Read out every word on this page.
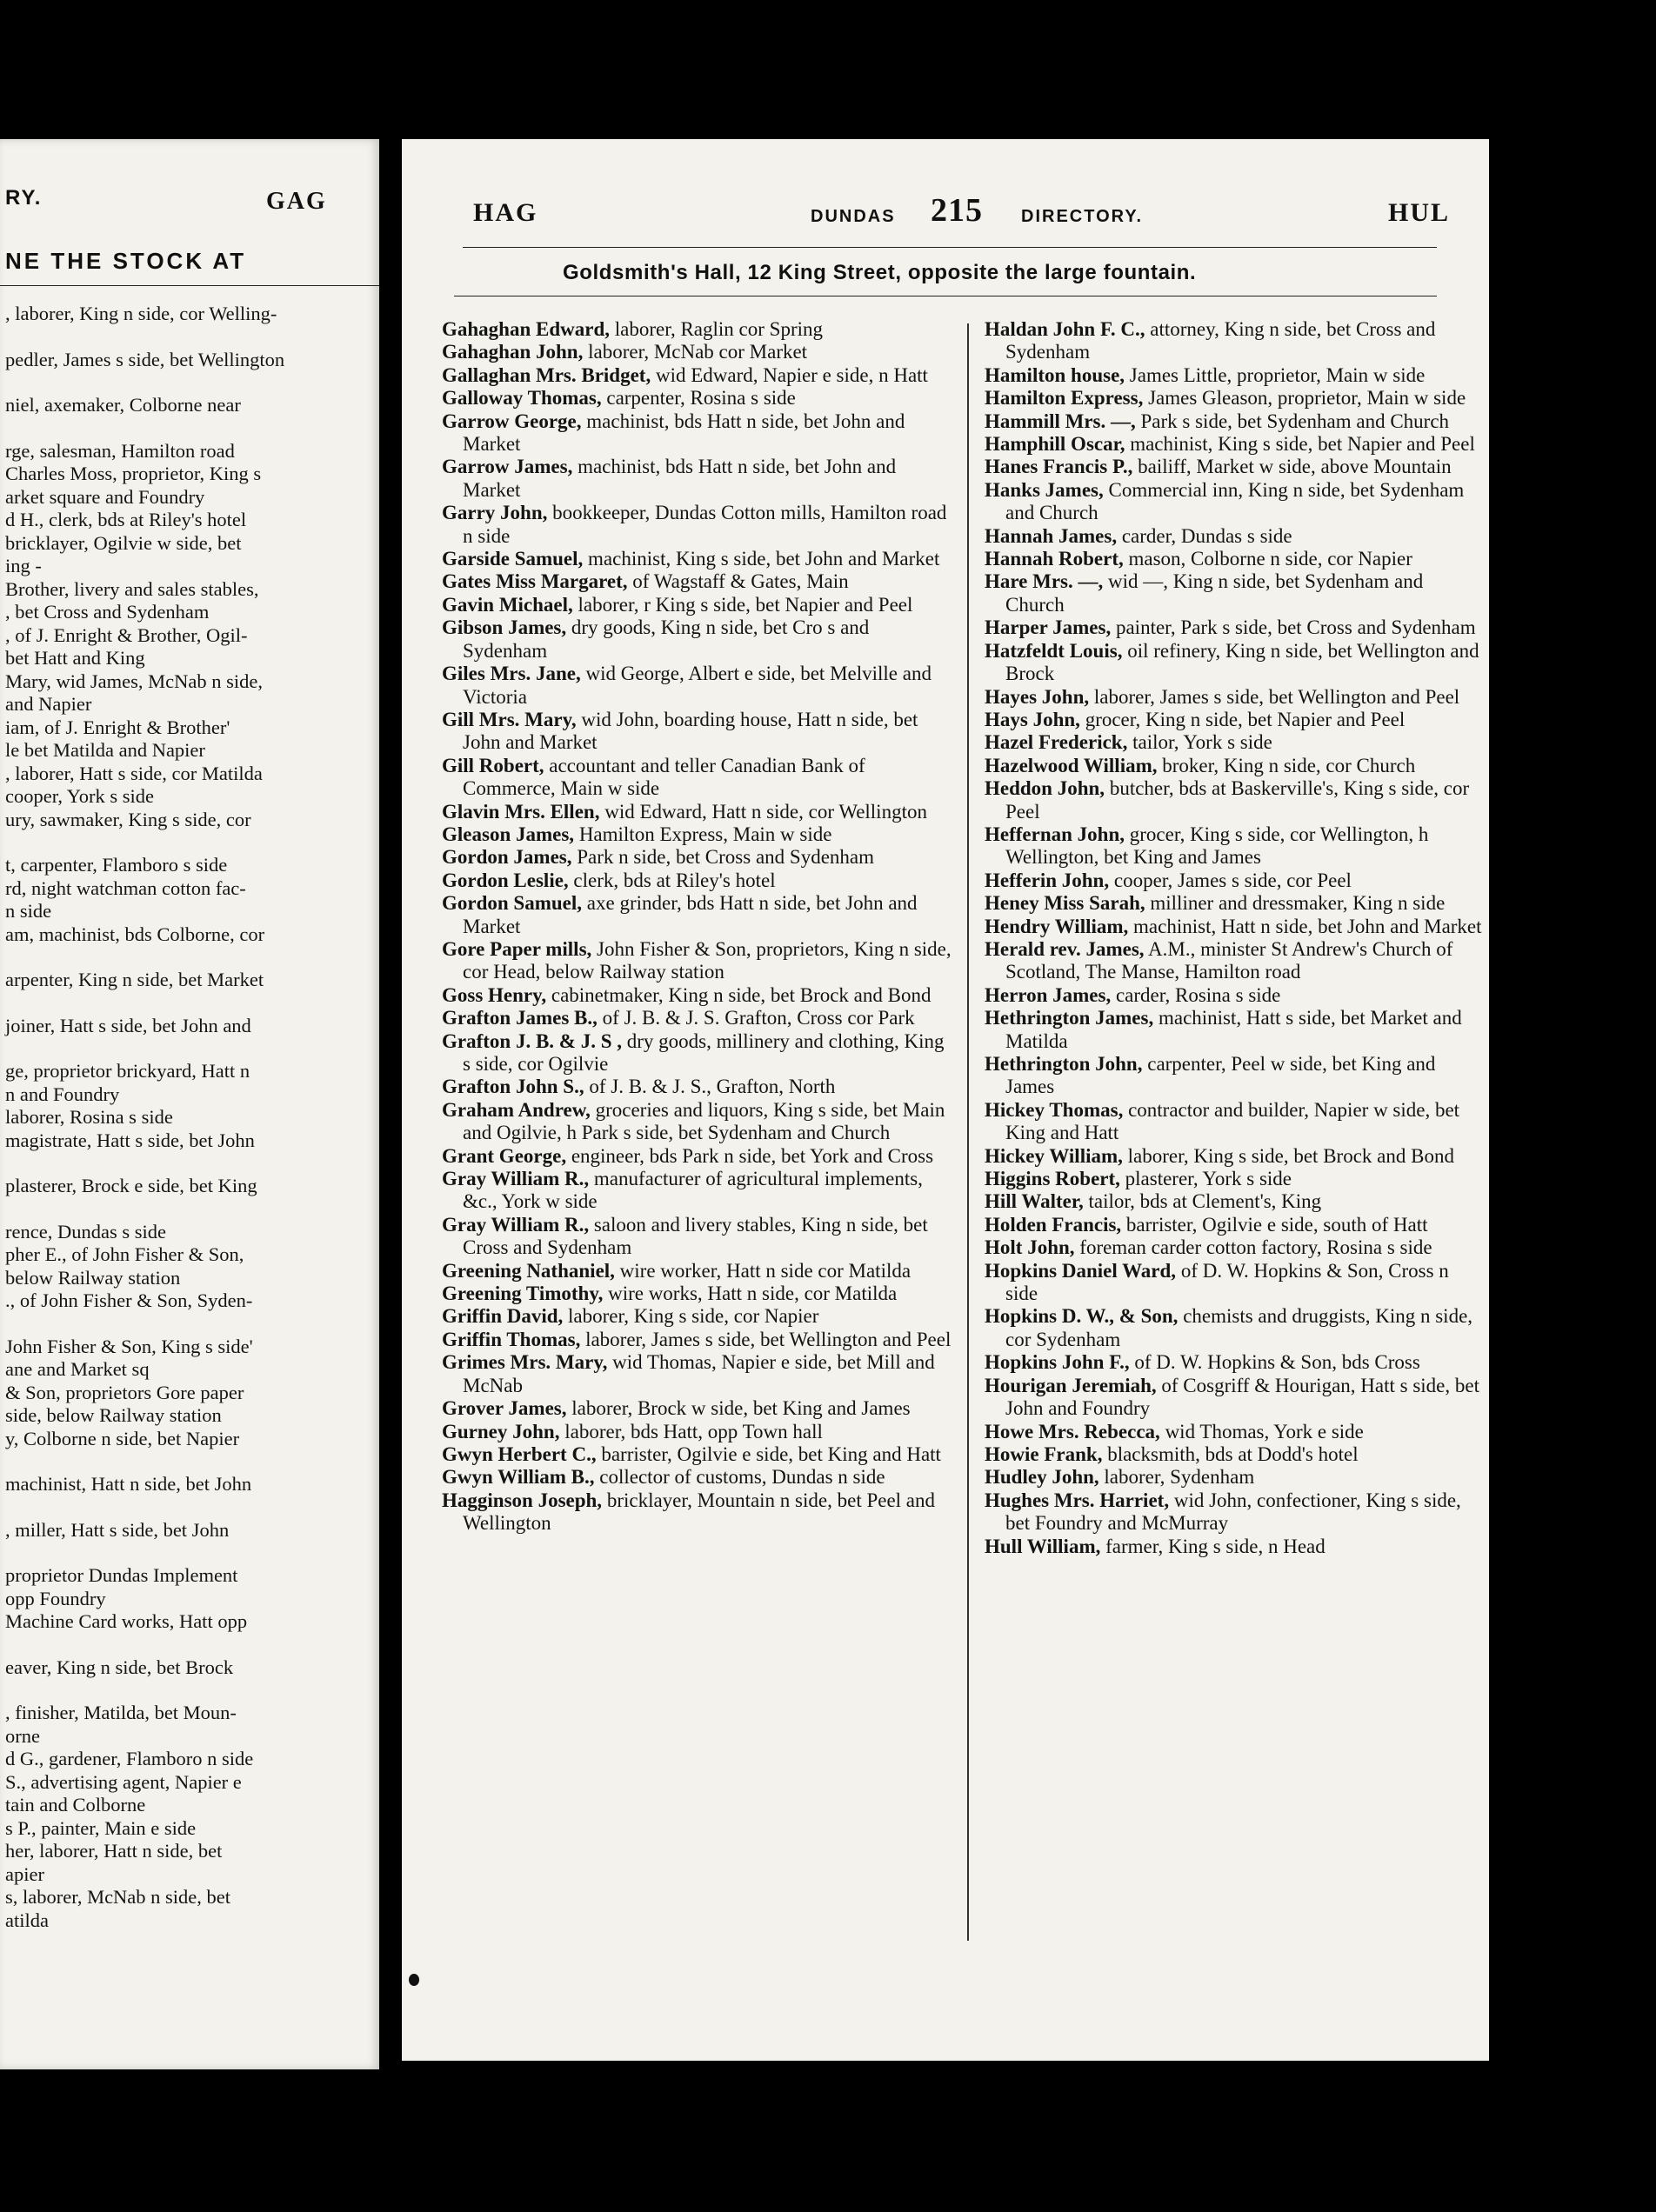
RY.	GAG
NE THE STOCK AT
, laborer, King n side, cor Welling-
pedler, James s side, bet Wellington
niel, axemaker, Colborne near
rge, salesman, Hamilton road
Charles Moss, proprietor, King s
arket square and Foundry
d H., clerk, bds at Riley's hotel
bricklayer, Ogilvie w side, bet
ing -
Brother, livery and sales stables,
, bet Cross and Sydenham
, of J. Enright & Brother, Ogil-
bet Hatt and King
Mary, wid James, McNab n side,
and Napier
iam, of J. Enright & Brother'
le bet Matilda and Napier
, laborer, Hatt s side, cor Matilda
cooper, York s side
ury, sawmaker, King s side, cor
t, carpenter, Flamboro s side
rd, night watchman cotton fac-
n side
am, machinist, bds Colborne, cor
arpenter, King n side, bet Market
joiner, Hatt s side, bet John and
ge, proprietor brickyard, Hatt n
n and Foundry
laborer, Rosina s side
magistrate, Hatt s side, bet John
plasterer, Brock e side, bet King
rence, Dundas s side
pher E., of John Fisher & Son,
below Railway station
., of John Fisher & Son, Syden-
John Fisher & Son, King s side'
ane and Market sq
& Son, proprietors Gore paper
side, below Railway station
y, Colborne n side, bet Napier
machinist, Hatt n side, bet John
, miller, Hatt s side, bet John
proprietor Dundas Implement
opp Foundry
Machine Card works, Hatt opp
eaver, King n side, bet Brock
, finisher, Matilda, bet Moun-
orne
d G., gardener, Flamboro n side
S., advertising agent, Napier e
tain and Colborne
s P., painter, Main e side
her, laborer, Hatt n side, bet
apier
s, laborer, McNab n side, bet
atilda
HAG	DUNDAS 215 DIRECTORY.	HUL
Goldsmith's Hall, 12 King Street, opposite the large fountain.
Gahaghan Edward, laborer, Raglin cor Spring
Gahaghan John, laborer, McNab cor Market
Gallaghan Mrs. Bridget, wid Edward, Napier e side, n Hatt
Galloway Thomas, carpenter, Rosina s side
Garrow George, machinist, bds Hatt n side, bet John and Market
Garrow James, machinist, bds Hatt n side, bet John and Market
Garry John, bookkeeper, Dundas Cotton mills, Hamilton road n side
Garside Samuel, machinist, King s side, bet John and Market
Gates Miss Margaret, of Wagstaff & Gates, Main
Gavin Michael, laborer, r King s side, bet Napier and Peel
Gibson James, dry goods, King n side, bet Cro s and Sydenham
Giles Mrs. Jane, wid George, Albert e side, bet Melville and Victoria
Gill Mrs. Mary, wid John, boarding house, Hatt n side, bet John and Market
Gill Robert, accountant and teller Canadian Bank of Commerce, Main w side
Glavin Mrs. Ellen, wid Edward, Hatt n side, cor Wellington
Gleason James, Hamilton Express, Main w side
Gordon James, Park n side, bet Cross and Sydenham
Gordon Leslie, clerk, bds at Riley's hotel
Gordon Samuel, axe grinder, bds Hatt n side, bet John and Market
Gore Paper mills, John Fisher & Son, proprietors, King n side, cor Head, below Railway station
Goss Henry, cabinetmaker, King n side, bet Brock and Bond
Grafton James B., of J. B. & J. S. Grafton, Cross cor Park
Grafton J. B. & J. S , dry goods, millinery and clothing, King s side, cor Ogilvie
Grafton John S., of J. B. & J. S., Grafton, North
Graham Andrew, groceries and liquors, King s side, bet Main and Ogilvie, h Park s side, bet Sydenham and Church
Grant George, engineer, bds Park n side, bet York and Cross
Gray William R., manufacturer of agricultural implements, &c., York w side
Gray William R., saloon and livery stables, King n side, bet Cross and Sydenham
Greening Nathaniel, wire worker, Hatt n side cor Matilda
Greening Timothy, wire works, Hatt n side, cor Matilda
Griffin David, laborer, King s side, cor Napier
Griffin Thomas, laborer, James s side, bet Wellington and Peel
Grimes Mrs. Mary, wid Thomas, Napier e side, bet Mill and McNab
Grover James, laborer, Brock w side, bet King and James
Gurney John, laborer, bds Hatt, opp Town hall
Gwyn Herbert C., barrister, Ogilvie e side, bet King and Hatt
Gwyn William B., collector of customs, Dundas n side
Hagginson Joseph, bricklayer, Mountain n side, bet Peel and Wellington
Haldan John F. C., attorney, King n side, bet Cross and Sydenham
Hamilton house, James Little, proprietor, Main w side
Hamilton Express, James Gleason, proprietor, Main w side
Hammill Mrs. —, Park s side, bet Sydenham and Church
Hamphill Oscar, machinist, King s side, bet Napier and Peel
Hanes Francis P., bailiff, Market w side, above Mountain
Hanks James, Commercial inn, King n side, bet Sydenham and Church
Hannah James, carder, Dundas s side
Hannah Robert, mason, Colborne n side, cor Napier
Hare Mrs. —, wid —, King n side, bet Sydenham and Church
Harper James, painter, Park s side, bet Cross and Sydenham
Hatzfeldt Louis, oil refinery, King n side, bet Wellington and Brock
Hayes John, laborer, James s side, bet Wellington and Peel
Hays John, grocer, King n side, bet Napier and Peel
Hazel Frederick, tailor, York s side
Hazelwood William, broker, King n side, cor Church
Heddon John, butcher, bds at Baskerville's, King s side, cor Peel
Heffernan John, grocer, King s side, cor Wellington, h Wellington, bet King and James
Hefferin John, cooper, James s side, cor Peel
Heney Miss Sarah, milliner and dressmaker, King n side
Hendry William, machinist, Hatt n side, bet John and Market
Herald rev. James, A.M., minister St Andrew's Church of Scotland, The Manse, Hamilton road
Herron James, carder, Rosina s side
Hethrington James, machinist, Hatt s side, bet Market and Matilda
Hethrington John, carpenter, Peel w side, bet King and James
Hickey Thomas, contractor and builder, Napier w side, bet King and Hatt
Hickey William, laborer, King s side, bet Brock and Bond
Higgins Robert, plasterer, York s side
Hill Walter, tailor, bds at Clement's, King
Holden Francis, barrister, Ogilvie e side, south of Hatt
Holt John, foreman carder cotton factory, Rosina s side
Hopkins Daniel Ward, of D. W. Hopkins & Son, Cross n side
Hopkins D. W., & Son, chemists and druggists, King n side, cor Sydenham
Hopkins John F., of D. W. Hopkins & Son, bds Cross
Hourigan Jeremiah, of Cosgriff & Hourigan, Hatt s side, bet John and Foundry
Howe Mrs. Rebecca, wid Thomas, York e side
Howie Frank, blacksmith, bds at Dodd's hotel
Hudley John, laborer, Sydenham
Hughes Mrs. Harriet, wid John, confectioner, King s side, bet Foundry and McMurray
Hull William, farmer, King s side, n Head
